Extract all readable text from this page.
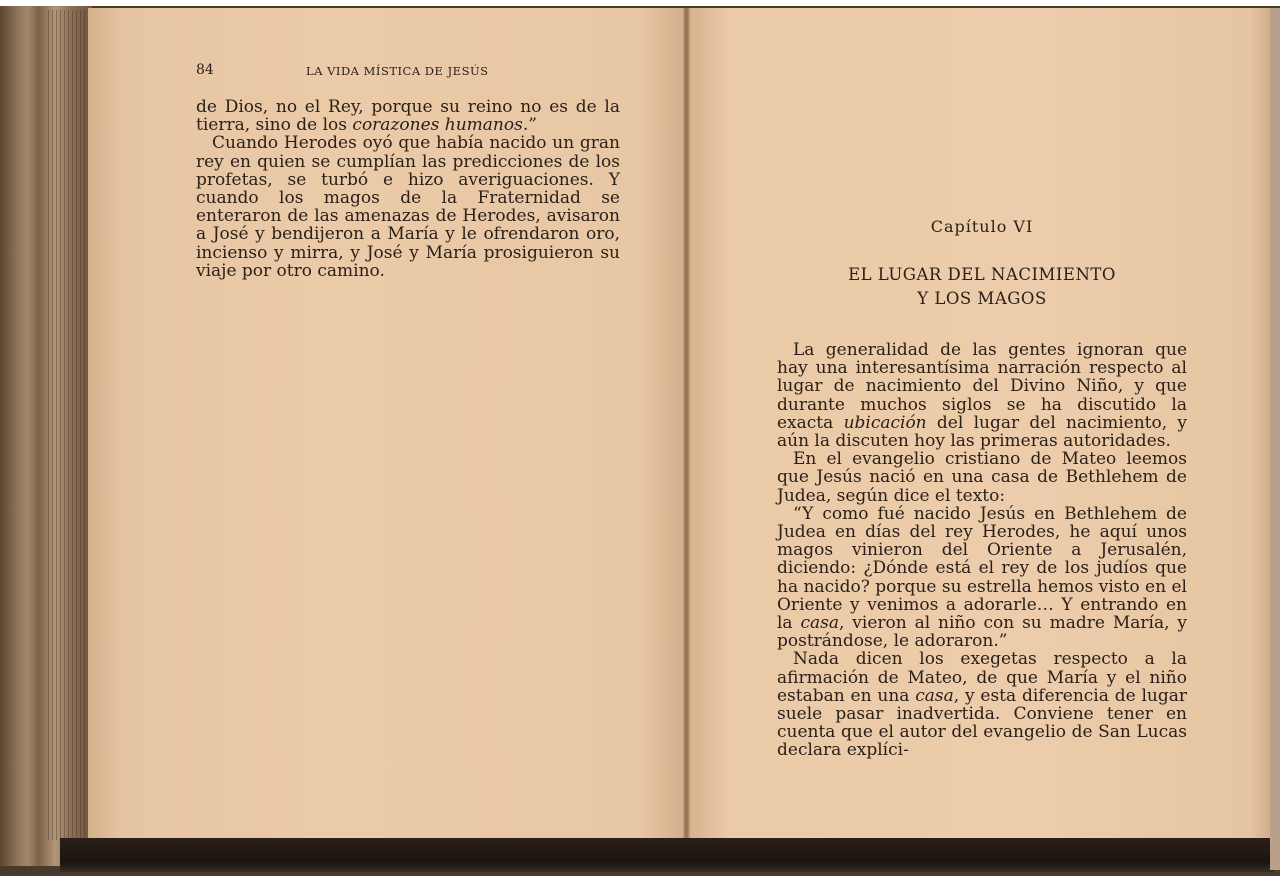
84	LA VIDA MÍSTICA DE JESÚS

de Dios, no el Rey, porque su reino no es de la tierra, sino de los corazones humanos.”

Cuando Herodes oyó que había nacido un gran rey en quien se cumplían las predicciones de los profetas, se turbó e hizo averiguaciones. Y cuando los magos de la Fraternidad se enteraron de las amenazas de Herodes, avisaron a José y bendijeron a María y le ofrendaron oro, incienso y mirra, y José y María prosiguieron su viaje por otro camino.

Capítulo VI
EL LUGAR DEL NACIMIENTO
Y LOS MAGOS

La generalidad de las gentes ignoran que hay una interesantísima narración respecto al lugar de nacimiento del Divino Niño, y que durante muchos siglos se ha discutido la exacta ubicación del lugar del nacimiento, y aún la discuten hoy las primeras autoridades.

En el evangelio cristiano de Mateo leemos que Jesús nació en una casa de Bethlehem de Judea, según dice el texto:

“Y como fué nacido Jesús en Bethlehem de Judea en días del rey Herodes, he aquí unos magos vinieron del Oriente a Jerusalén, diciendo: ¿Dónde está el rey de los judíos que ha nacido? porque su estrella hemos visto en el Oriente y venimos a adorarle… Y entrando en la casa, vieron al niño con su madre María, y postrándose, le adoraron.”

Nada dicen los exegetas respecto a la afirmación de Mateo, de que María y el niño estaban en una casa, y esta diferencia de lugar suele pasar inadvertida. Conviene tener en cuenta que el autor del evangelio de San Lucas declara explíci-
